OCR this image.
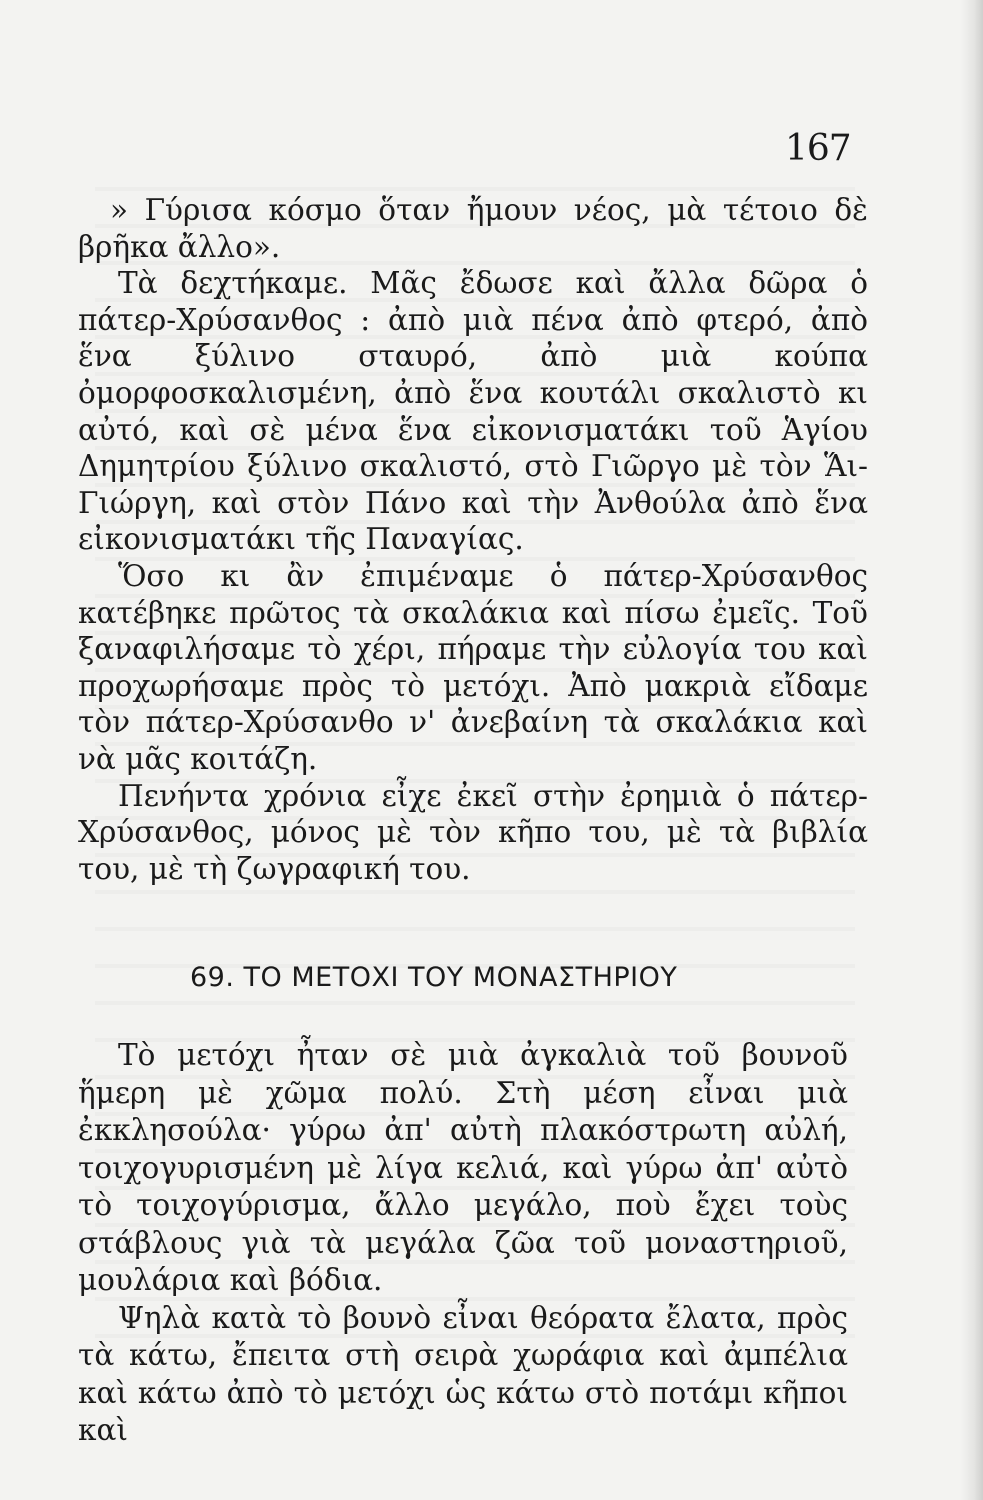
167

» Γύρισα κόσμο ὅταν ἤμουν νέος, μὰ τέτοιο δὲ βρῆκα ἄλλο».

Τὰ δεχτήκαμε. Μᾶς ἔδωσε καὶ ἄλλα δῶρα ὁ πάτερ-Χρύσανθος : ἀπὸ μιὰ πένα ἀπὸ φτερό, ἀπὸ ἕνα ξύλινο σταυρό, ἀπὸ μιὰ κούπα ὀμορφοσκαλισμένη, ἀπὸ ἕνα κουτάλι σκαλιστὸ κι αὐτό, καὶ σὲ μένα ἕνα εἰκονισματάκι τοῦ Ἁγίου Δημητρίου ξύλινο σκαλιστό, στὸ Γιῶργο μὲ τὸν Ἅι-Γιώργη, καὶ στὸν Πάνο καὶ τὴν Ἀνθούλα ἀπὸ ἕνα εἰκονισματάκι τῆς Παναγίας.

Ὅσο κι ἂν ἐπιμέναμε ὁ πάτερ-Χρύσανθος κατέβηκε πρῶτος τὰ σκαλάκια καὶ πίσω ἐμεῖς. Τοῦ ξαναφιλήσαμε τὸ χέρι, πήραμε τὴν εὐλογία του καὶ προχωρήσαμε πρὸς τὸ μετόχι. Ἀπὸ μακριὰ εἴδαμε τὸν πάτερ-Χρύσανθο ν' ἀνεβαίνη τὰ σκαλάκια καὶ νὰ μᾶς κοιτάζη.

Πενήντα χρόνια εἶχε ἐκεῖ στὴν ἐρημιὰ ὁ πάτερ-Χρύσανθος, μόνος μὲ τὸν κῆπο του, μὲ τὰ βιβλία του, μὲ τὴ ζωγραφική του.

69. ΤΟ ΜΕΤΟΧΙ ΤΟΥ ΜΟΝΑΣΤΗΡΙΟΥ

Τὸ μετόχι ἦταν σὲ μιὰ ἀγκαλιὰ τοῦ βουνοῦ ἥμερη μὲ χῶμα πολύ. Στὴ μέση εἶναι μιὰ ἐκκλησούλα· γύρω ἀπ' αὐτὴ πλακόστρωτη αὐλή, τοιχογυρισμένη μὲ λίγα κελιά, καὶ γύρω ἀπ' αὐτὸ τὸ τοιχογύρισμα, ἄλλο μεγάλο, ποὺ ἔχει τοὺς στάβλους γιὰ τὰ μεγάλα ζῶα τοῦ μοναστηριοῦ, μουλάρια καὶ βόδια.

Ψηλὰ κατὰ τὸ βουνὸ εἶναι θεόρατα ἔλατα, πρὸς τὰ κάτω, ἔπειτα στὴ σειρὰ χωράφια καὶ ἀμπέλια καὶ κάτω ἀπὸ τὸ μετόχι ὡς κάτω στὸ ποτάμι κῆποι καὶ
